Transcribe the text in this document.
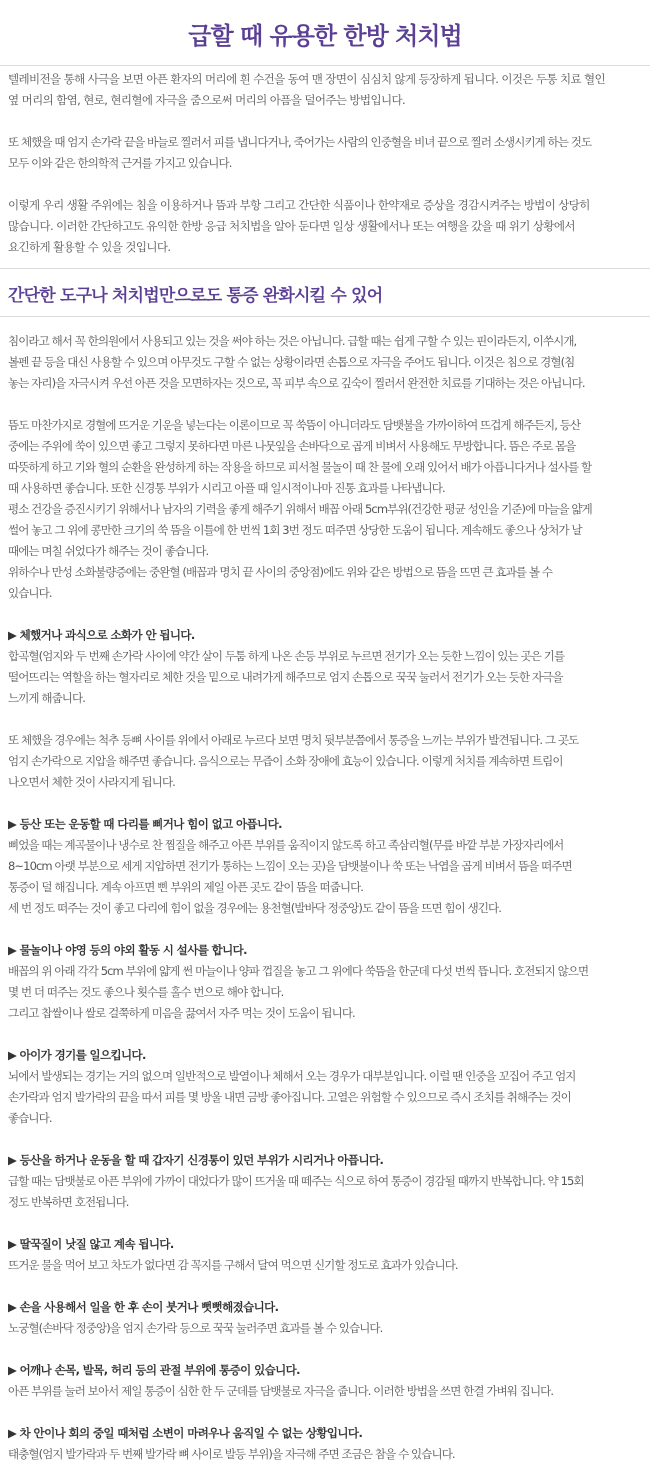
급할 때 유용한 한방 처치법

텔레비전을 통해 사극을 보면 아픈 환자의 머리에 흰 수건을 동여 맨 장면이 심심치 않게 등장하게 됩니다. 이것은 두통 치료 혈인
옆 머리의 함염, 현로, 현리혈에 자극을 줌으로써 머리의 아픔을 덜어주는 방법입니다.

또 체했을 때 엄지 손가락 끝을 바늘로 찔러서 피를 냅니다거나, 죽어가는 사람의 인중혈을 비녀 끝으로 찔러 소생시키게 하는 것도
모두 이와 같은 한의학적 근거를 가지고 있습니다.

이렇게 우리 생활 주위에는 침을 이용하거나 뜸과 부항 그리고 간단한 식품이나 한약재로 증상을 경감시켜주는 방법이 상당히
많습니다. 이러한 간단하고도 유익한 한방 응급 처치법을 알아 둔다면 일상 생활에서나 또는 여행을 갔을 때 위기 상황에서
요긴하게 활용할 수 있을 것입니다.

간단한 도구나 처치법만으로도 통증 완화시킬 수 있어

침이라고 해서 꼭 한의원에서 사용되고 있는 것을 써야 하는 것은 아닙니다. 급할 때는 쉽게 구할 수 있는 핀이라든지, 이쑤시개,
볼펜 끝 등을 대신 사용할 수 있으며 아무것도 구할 수 없는 상황이라면 손톱으로 자극을 주어도 됩니다. 이것은 침으로 경혈(침
놓는 자리)을 자극시켜 우선 아픈 것을 모면하자는 것으로, 꼭 피부 속으로 깊숙이 찔러서 완전한 치료를 기대하는 것은 아닙니다.

뜸도 마찬가지로 경혈에 뜨거운 기운을 넣는다는 이론이므로 꼭 쑥뜸이 아니더라도 담뱃불을 가까이하여 뜨겁게 해주든지, 등산
중에는 주위에 쑥이 있으면 좋고 그렇지 못하다면 마른 나뭇잎을 손바닥으로 곱게 비벼서 사용해도 무방합니다. 뜸은 주로 몸을
따뜻하게 하고 기와 혈의 순환을 완성하게 하는 작용을 하므로 피서철 물놀이 때 찬 물에 오래 있어서 배가 아픕니다거나 설사를 할
때 사용하면 좋습니다. 또한 신경통 부위가 시리고 아플 때 일시적이나마 진통 효과를 나타냅니다.
평소 건강을 증진시키기 위해서나 남자의 기력을 좋게 해주기 위해서 배꼽 아래 5cm부위(건강한 평균 성인을 기준)에 마늘을 얇게
썰어 놓고 그 위에 콩만한 크기의 쑥 뜸을 이틀에 한 번씩 1회 3번 정도 떠주면 상당한 도움이 됩니다. 계속해도 좋으나 상처가 날
때에는 며칠 쉬었다가 해주는 것이 좋습니다.
위하수나 만성 소화불량증에는 중완혈 (배꼽과 명치 끝 사이의 중앙점)에도 위와 같은 방법으로 뜸을 뜨면 큰 효과를 볼 수
있습니다.

▶ 체했거나 과식으로 소화가 안 됩니다.

합곡혈(엄지와 두 번째 손가락 사이에 약간 살이 두툼 하게 나온 손등 부위로 누르면 전기가 오는 듯한 느낌이 있는 곳은 기를
떨어뜨리는 역할을 하는 혈자리로 체한 것을 밑으로 내려가게 해주므로 엄지 손톱으로 꾹꾹 눌러서 전기가 오는 듯한 자극을
느끼게 해줍니다.

또 체했을 경우에는 척추 등뼈 사이를 위에서 아래로 누르다 보면 명치 뒷부분쯤에서 통증을 느끼는 부위가 발견됩니다. 그 곳도
엄지 손가락으로 지압을 해주면 좋습니다. 음식으로는 무즙이 소화 장애에 효능이 있습니다. 이렇게 처치를 계속하면 트림이
나오면서 체한 것이 사라지게 됩니다.

▶ 등산 또는 운동할 때 다리를 삐거나 힘이 없고 아픕니다.

삐었을 때는 계곡물이나 냉수로 찬 찜질을 해주고 아픈 부위를 움직이지 않도록 하고 족삼리혈(무릎 바깥 부분 가장자리에서
8~10cm 아랫 부분으로 세게 지압하면 전기가 통하는 느낌이 오는 곳)을 담뱃불이나 쑥 또는 낙엽을 곱게 비벼서 뜸을 떠주면
통증이 덜 해집니다. 계속 아프면 삔 부위의 제일 아픈 곳도 같이 뜸을 떠줍니다.
세 번 정도 떠주는 것이 좋고 다리에 힘이 없을 경우에는 용천혈(발바닥 정중앙)도 같이 뜸을 뜨면 힘이 생긴다.

▶ 물놀이나 야영 등의 야외 활동 시 설사를 합니다.

배꼽의 위 아래 각각 5cm 부위에 얇게 썬 마늘이나 양파 껍질을 놓고 그 위에다 쑥뜸을 한군데 다섯 번씩 뜹니다. 호전되지 않으면
몇 번 더 떠주는 것도 좋으나 횟수를 홀수 번으로 해야 합니다.
그리고 찹쌀이나 쌀로 걸쭉하게 미음을 끓여서 자주 먹는 것이 도움이 됩니다.

▶ 아이가 경기를 일으킵니다.

뇌에서 발생되는 경기는 거의 없으며 일반적으로 발열이나 체해서 오는 경우가 대부분입니다. 이럴 땐 인중을 꼬집어 주고 엄지
손가락과 엄지 발가락의 끝을 따서 피를 몇 방울 내면 금방 좋아집니다. 고열은 위험할 수 있으므로 즉시 조치를 취해주는 것이
좋습니다.

▶ 등산을 하거나 운동을 할 때 갑자기 신경통이 있던 부위가 시리거나 아픕니다.

급할 때는 담뱃불로 아픈 부위에 가까이 대었다가 많이 뜨거울 때 떼주는 식으로 하여 통증이 경감될 때까지 반복합니다. 약 15회
정도 반복하면 호전됩니다.

▶ 딸꾹질이 낫질 않고 계속 됩니다.

뜨거운 물을 먹어 보고 차도가 없다면 감 꼭지를 구해서 달여 먹으면 신기할 정도로 효과가 있습니다.

▶ 손을 사용해서 일을 한 후 손이 붓거나 뻣뻣해졌습니다.

노궁혈(손바닥 정중앙)을 엄지 손가락 등으로 꾹꾹 눌러주면 효과를 볼 수 있습니다.

▶ 어깨나 손목, 발목, 허리 등의 관절 부위에 통증이 있습니다.

아픈 부위를 눌러 보아서 제일 통증이 심한 한 두 군데를 담뱃불로 자극을 줍니다. 이러한 방법을 쓰면 한결 가벼워 집니다.

▶ 차 안이나 회의 중일 때처럼 소변이 마려우나 움직일 수 없는 상황입니다.

태충혈(엄지 발가락과 두 번째 발가락 뼈 사이로 발등 부위)을 자극해 주면 조금은 참을 수 있습니다.
